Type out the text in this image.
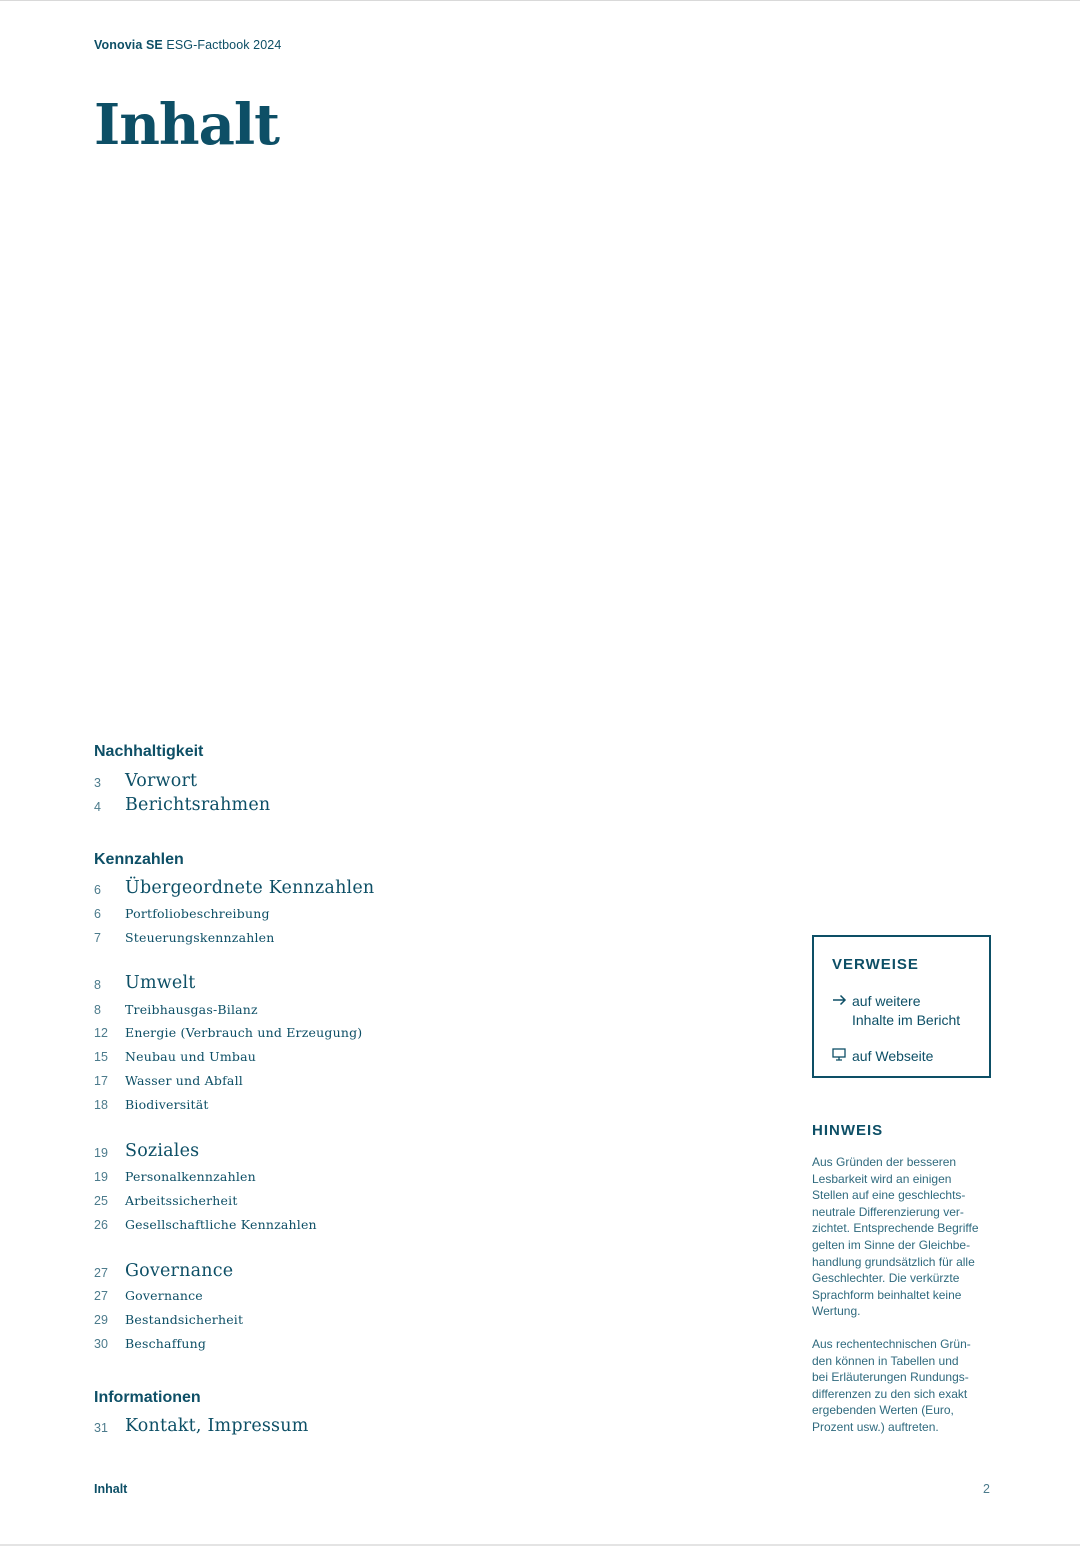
Vonovia SE ESG-Factbook 2024
Inhalt
Nachhaltigkeit
3	Vorwort
4	Berichtsrahmen
Kennzahlen
6	Übergeordnete Kennzahlen
6	Portfoliobeschreibung
7	Steuerungskennzahlen
8	Umwelt
8	Treibhausgas-Bilanz
12	Energie (Verbrauch und Erzeugung)
15	Neubau und Umbau
17	Wasser und Abfall
18	Biodiversität
19 Soziales
19	Personalkennzahlen
25	Arbeitssicherheit
26	Gesellschaftliche Kennzahlen
27 Governance
27	Governance
29	Bestandsicherheit
30	Beschaffung
Informationen
31 Kontakt, Impressum
VERWEISE
auf weitere
Inhalte im Bericht
auf Webseite
HINWEIS

Aus Gründen der besseren
Lesbarkeit wird an einigen
Stellen auf eine geschlechts-
neutrale Differenzierung ver-
zichtet. Entsprechende Begriffe
gelten im Sinne der Gleichbe-
handlung grundsätzlich für alle
Geschlechter. Die verkürzte
Sprachform beinhaltet keine
Wertung.

Aus rechentechnischen Grün-
den können in Tabellen und
bei Erläuterungen Rundungs-
differenzen zu den sich exakt
ergebenden Werten (Euro,
Prozent usw.) auftreten.

Inhalt	2
